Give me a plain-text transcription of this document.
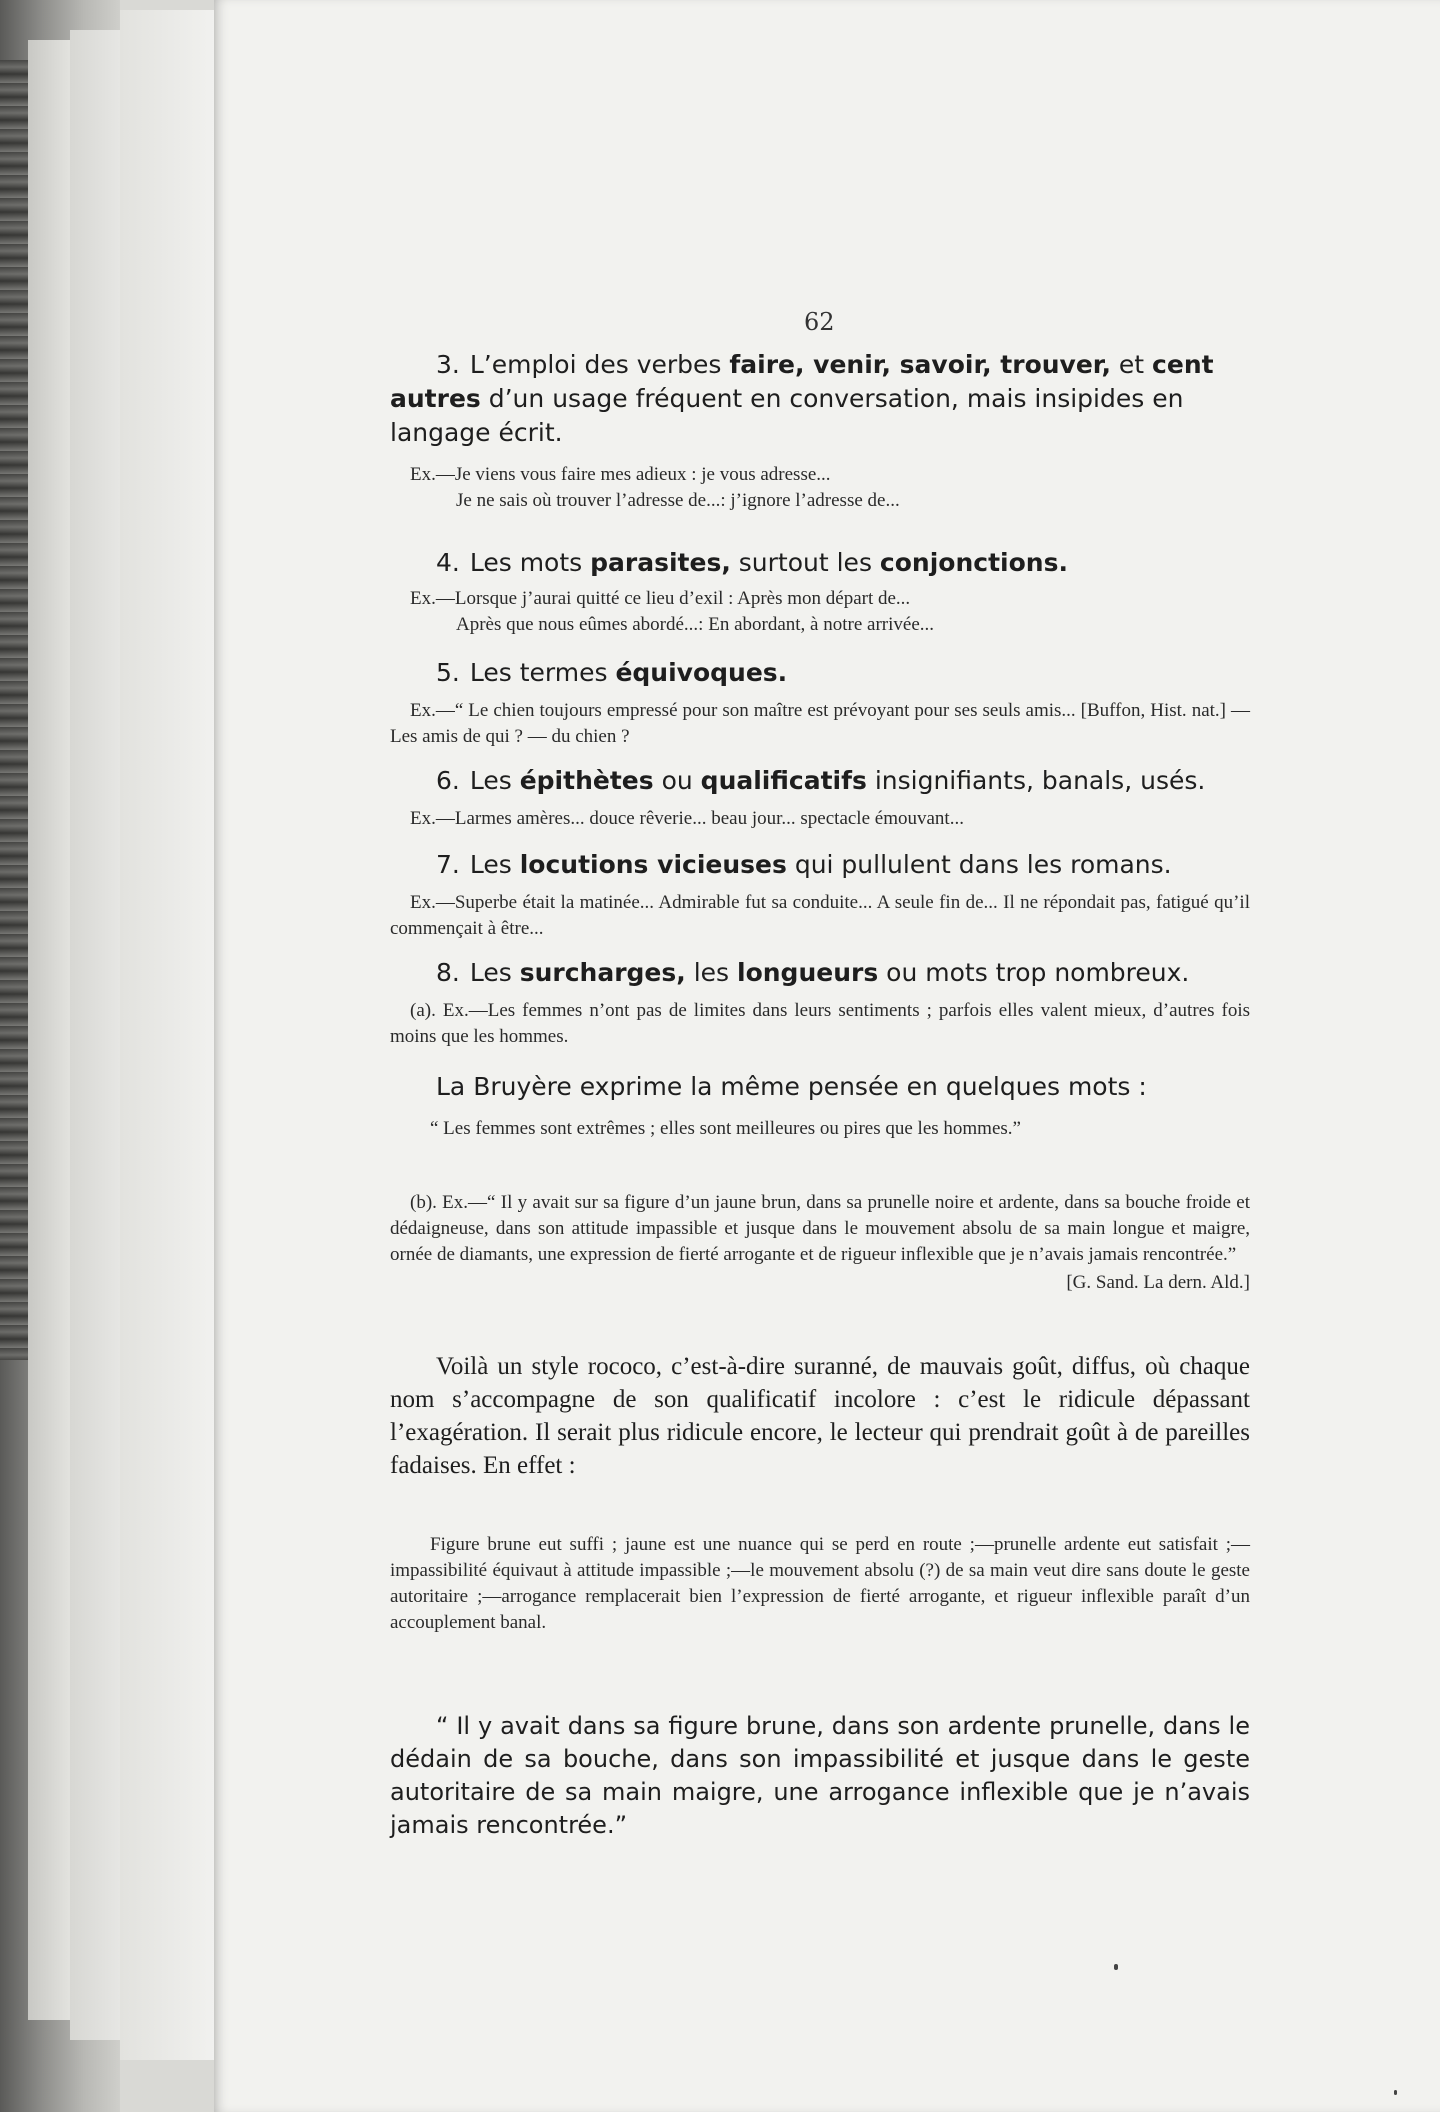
62

3. L’emploi des verbes faire, venir, savoir, trouver, et cent autres d’un usage fréquent en conversation, mais insipides en langage écrit.

Ex.—Je viens vous faire mes adieux : je vous adresse...

Je ne sais où trouver l’adresse de...: j’ignore l’adresse de...

4. Les mots parasites, surtout les conjonctions.

Ex.—Lorsque j’aurai quitté ce lieu d’exil : Après mon départ de...

Après que nous eûmes abordé...: En abordant, à notre arrivée...

5. Les termes équivoques.

Ex.—“ Le chien toujours empressé pour son maître est prévoyant pour ses seuls amis... [Buffon, Hist. nat.] — Les amis de qui ? — du chien ?

6. Les épithètes ou qualificatifs insignifiants, banals, usés.

Ex.—Larmes amères... douce rêverie... beau jour... spectacle émouvant...

7. Les locutions vicieuses qui pullulent dans les romans.

Ex.—Superbe était la matinée... Admirable fut sa conduite... A seule fin de... Il ne répondait pas, fatigué qu’il commençait à être...

8. Les surcharges, les longueurs ou mots trop nombreux.

(a). Ex.—Les femmes n’ont pas de limites dans leurs sentiments ; parfois elles valent mieux, d’autres fois moins que les hommes.

La Bruyère exprime la même pensée en quelques mots :

“ Les femmes sont extrêmes ; elles sont meilleures ou pires que les hommes.”

(b). Ex.—“ Il y avait sur sa figure d’un jaune brun, dans sa prunelle noire et ardente, dans sa bouche froide et dédaigneuse, dans son attitude impassible et jusque dans le mouvement absolu de sa main longue et maigre, ornée de diamants, une expression de fierté arrogante et de rigueur inflexible que je n’avais jamais rencontrée.”

[G. Sand. La dern. Ald.]

Voilà un style rococo, c’est-à-dire suranné, de mauvais goût, diffus, où chaque nom s’accompagne de son qualificatif incolore : c’est le ridicule dépassant l’exagération. Il serait plus ridicule encore, le lecteur qui prendrait goût à de pareilles fadaises. En effet :

Figure brune eut suffi ; jaune est une nuance qui se perd en route ;—prunelle ardente eut satisfait ;—impassibilité équivaut à attitude impassible ;—le mouvement absolu (?) de sa main veut dire sans doute le geste autoritaire ;—arrogance remplacerait bien l’expression de fierté arrogante, et rigueur inflexible paraît d’un accouplement banal.

“ Il y avait dans sa figure brune, dans son ardente prunelle, dans le dédain de sa bouche, dans son impassibilité et jusque dans le geste autoritaire de sa main maigre, une arrogance inflexible que je n’avais jamais rencontrée.”
